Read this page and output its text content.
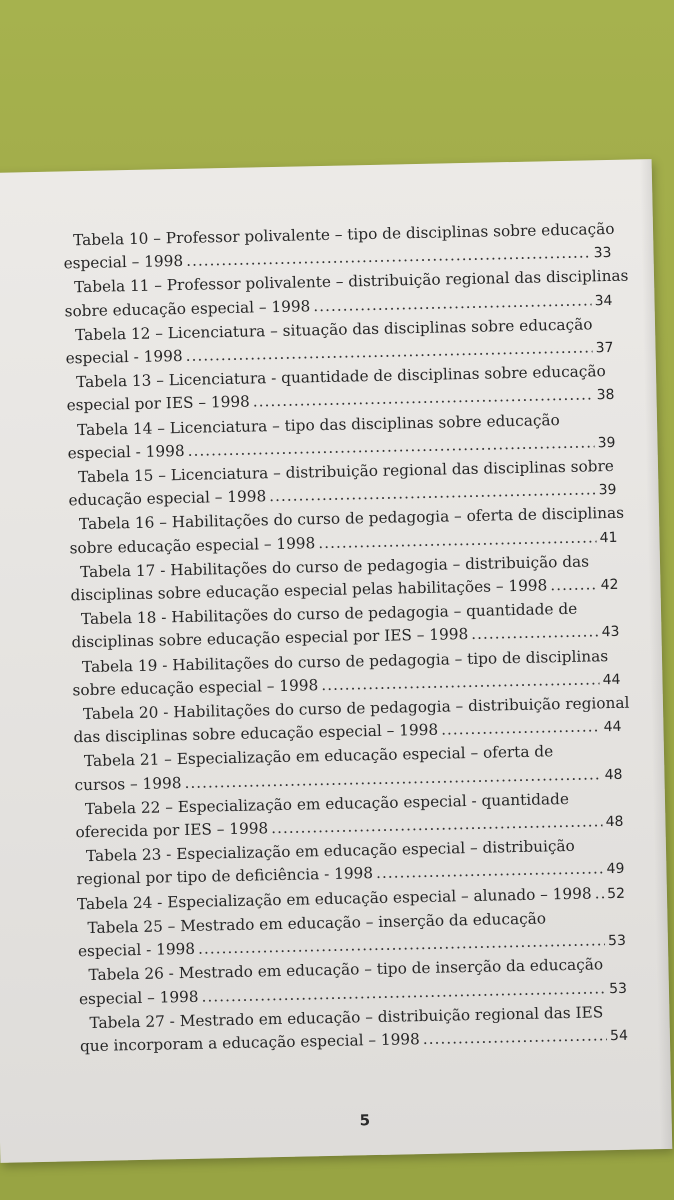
Tabela 10 – Professor polivalente – tipo de disciplinas sobre educação
especial – 1998 .....	33
Tabela 11 – Professor polivalente – distribuição regional das disciplinas
sobre educação especial – 1998 .....	34
Tabela 12 – Licenciatura – situação das disciplinas sobre educação
especial - 1998 .....	37
Tabela 13 – Licenciatura - quantidade de disciplinas sobre educação
especial por IES – 1998 .....	38
Tabela 14 – Licenciatura – tipo das disciplinas sobre educação
especial - 1998 .....	39
Tabela 15 – Licenciatura – distribuição regional das disciplinas sobre
educação especial – 1998 .....	39
Tabela 16 – Habilitações do curso de pedagogia – oferta de disciplinas
sobre educação especial – 1998 .....	41
Tabela 17 - Habilitações do curso de pedagogia – distribuição das
disciplinas sobre educação especial pelas habilitações – 1998 .....	42
Tabela 18 - Habilitações do curso de pedagogia – quantidade de
disciplinas sobre educação especial por IES – 1998 .....	43
Tabela 19 - Habilitações do curso de pedagogia – tipo de disciplinas
sobre educação especial – 1998 .....	44
Tabela 20 - Habilitações do curso de pedagogia – distribuição regional
das disciplinas sobre educação especial – 1998 .....	44
Tabela 21 – Especialização em educação especial – oferta de
cursos – 1998 .....	48
Tabela 22 – Especialização em educação especial - quantidade
oferecida por IES – 1998 .....	48
Tabela 23 - Especialização em educação especial – distribuição
regional por tipo de deficiência - 1998 .....	49
Tabela 24 - Especialização em educação especial – alunado – 1998 ..... 52
Tabela 25 – Mestrado em educação – inserção da educação
especial - 1998 .....	53
Tabela 26 - Mestrado em educação – tipo de inserção da educação
especial – 1998 .....	53
Tabela 27 - Mestrado em educação – distribuição regional das IES
que incorporam a educação especial – 1998 .....	54
5
